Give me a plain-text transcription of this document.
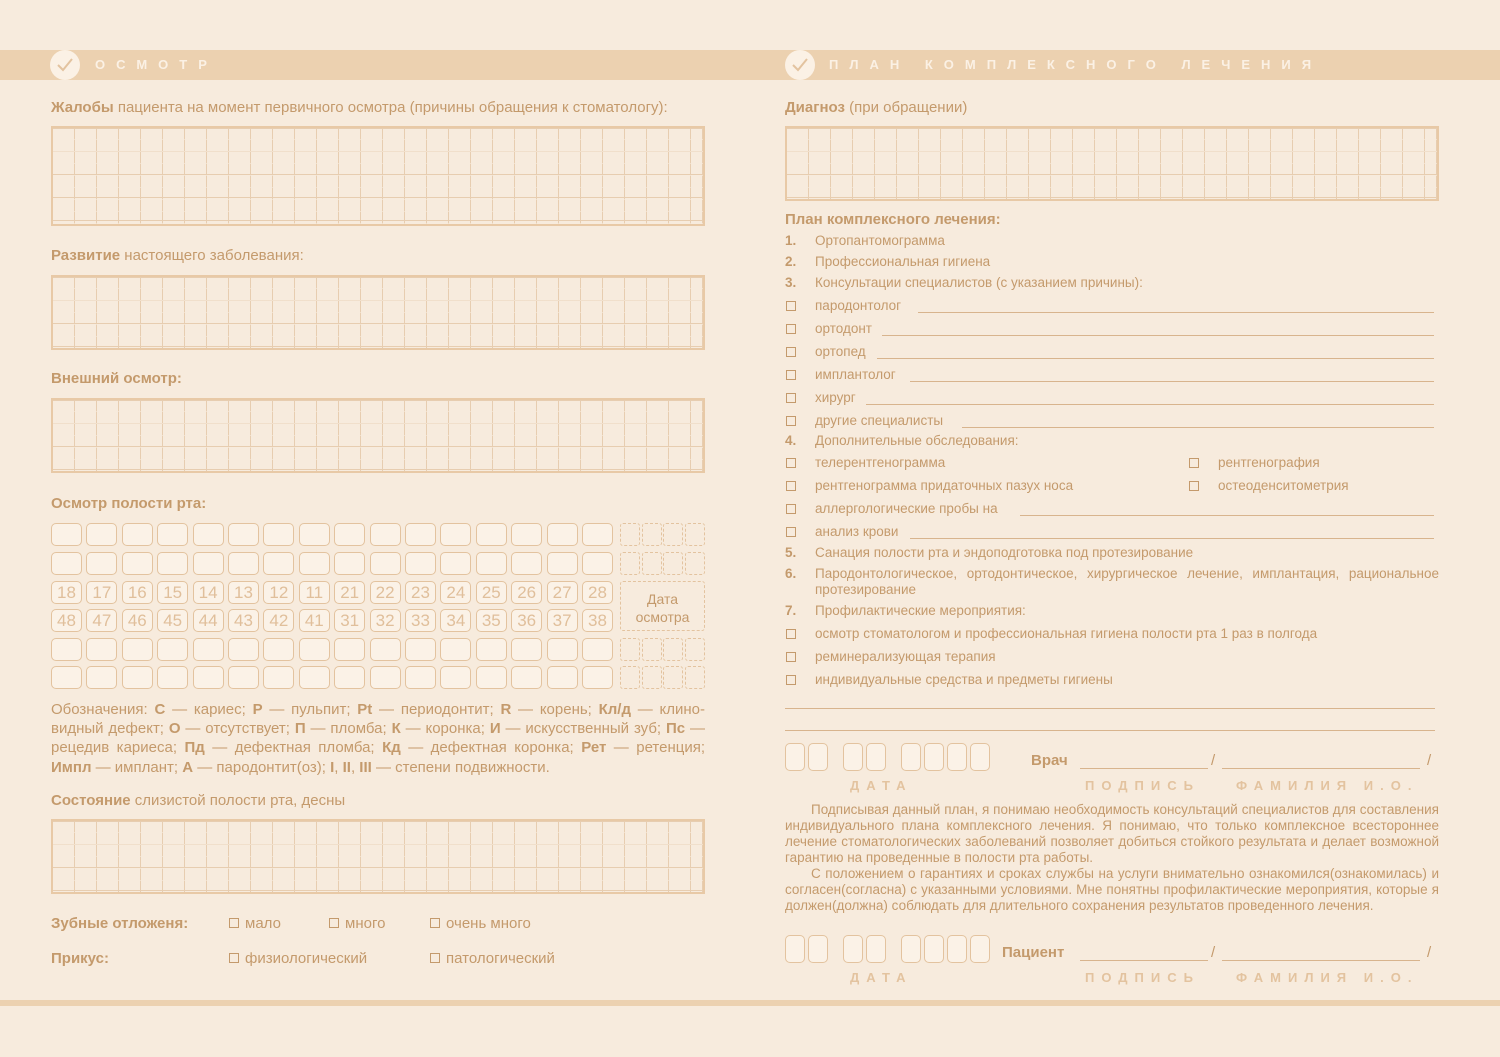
ОСМОТР	ПЛАН КОМПЛЕКСНОГО ЛЕЧЕНИЯ
Жалобы пациента на момент первичного осмотра (причины обращения к стоматологу):
Развитие настоящего заболевания:
Внешний осмотр:
Осмотр полости рта:
18 17 16 15 14 13 12	11	21 22 23 24 25 26 27 28
48 47 46 45 44 43 42 41 31 32 33 34 35 36 37 38
Дата осмотра
Обозначения: С — кариес; Р — пульпит; Pt — периодонтит; R — корень; Кл/д — клиновидный дефект; О — отсутствует; П — пломба; К — коронка; И — искусственный зуб; Пс — рецедив кариеса; Пд — дефектная пломба; Кд — дефектная коронка; Рет — ретенция; Импл — имплант; А — пародонтит(оз); I, II, III — степени подвижности.
Состояние слизистой полости рта, десны
Зубные отложеня:	мало	много	очень много
Прикус:	физиологический	патологический
Диагноз (при обращении)
План комплексного лечения:
1. Ортопантомограмма
2. Профессиональная гигиена
3. Консультации специалистов (с указанием причины):
пародонтолог
ортодонт
ортопед
имплантолог
хирург
другие специалисты
4. Дополнительные обследования:
телерентгенограмма	рентгенография
рентгенограмма придаточных пазух носа	остеоденситометрия
аллергологические пробы на
анализ крови
5. Санация полости рта и эндоподготовка под протезирование
6. Пародонтологическое, ортодонтическое, хирургическое лечение, имплантация, рациональное протезирование
7. Профилактические мероприятия:
осмотр стоматологом и профессиональная гигиена полости рта 1 раз в полгода
реминерализующая терапия
индивидуальные средства и предметы гигиены
Врач	/	/
ДАТА	ПОДПИСЬ	ФАМИЛИЯ И.О.
Подписывая данный план, я понимаю необходимость консультаций специалистов для составления индивидуального плана комплексного лечения. Я понимаю, что только комплексное всестороннее лечение стоматологических заболеваний позволяет добиться стойкого результата и делает возможной гарантию на проведенные в полости рта работы.
С положением о гарантиях и сроках службы на услуги внимательно ознакомился(ознакомилась) и согласен(согласна) с указанными условиями. Мне понятны профилактические мероприятия, которые я должен(должна) соблюдать для длительного сохранения результатов проведенного лечения.
Пациент	/	/
ДАТА	ПОДПИСЬ	ФАМИЛИЯ И.О.
